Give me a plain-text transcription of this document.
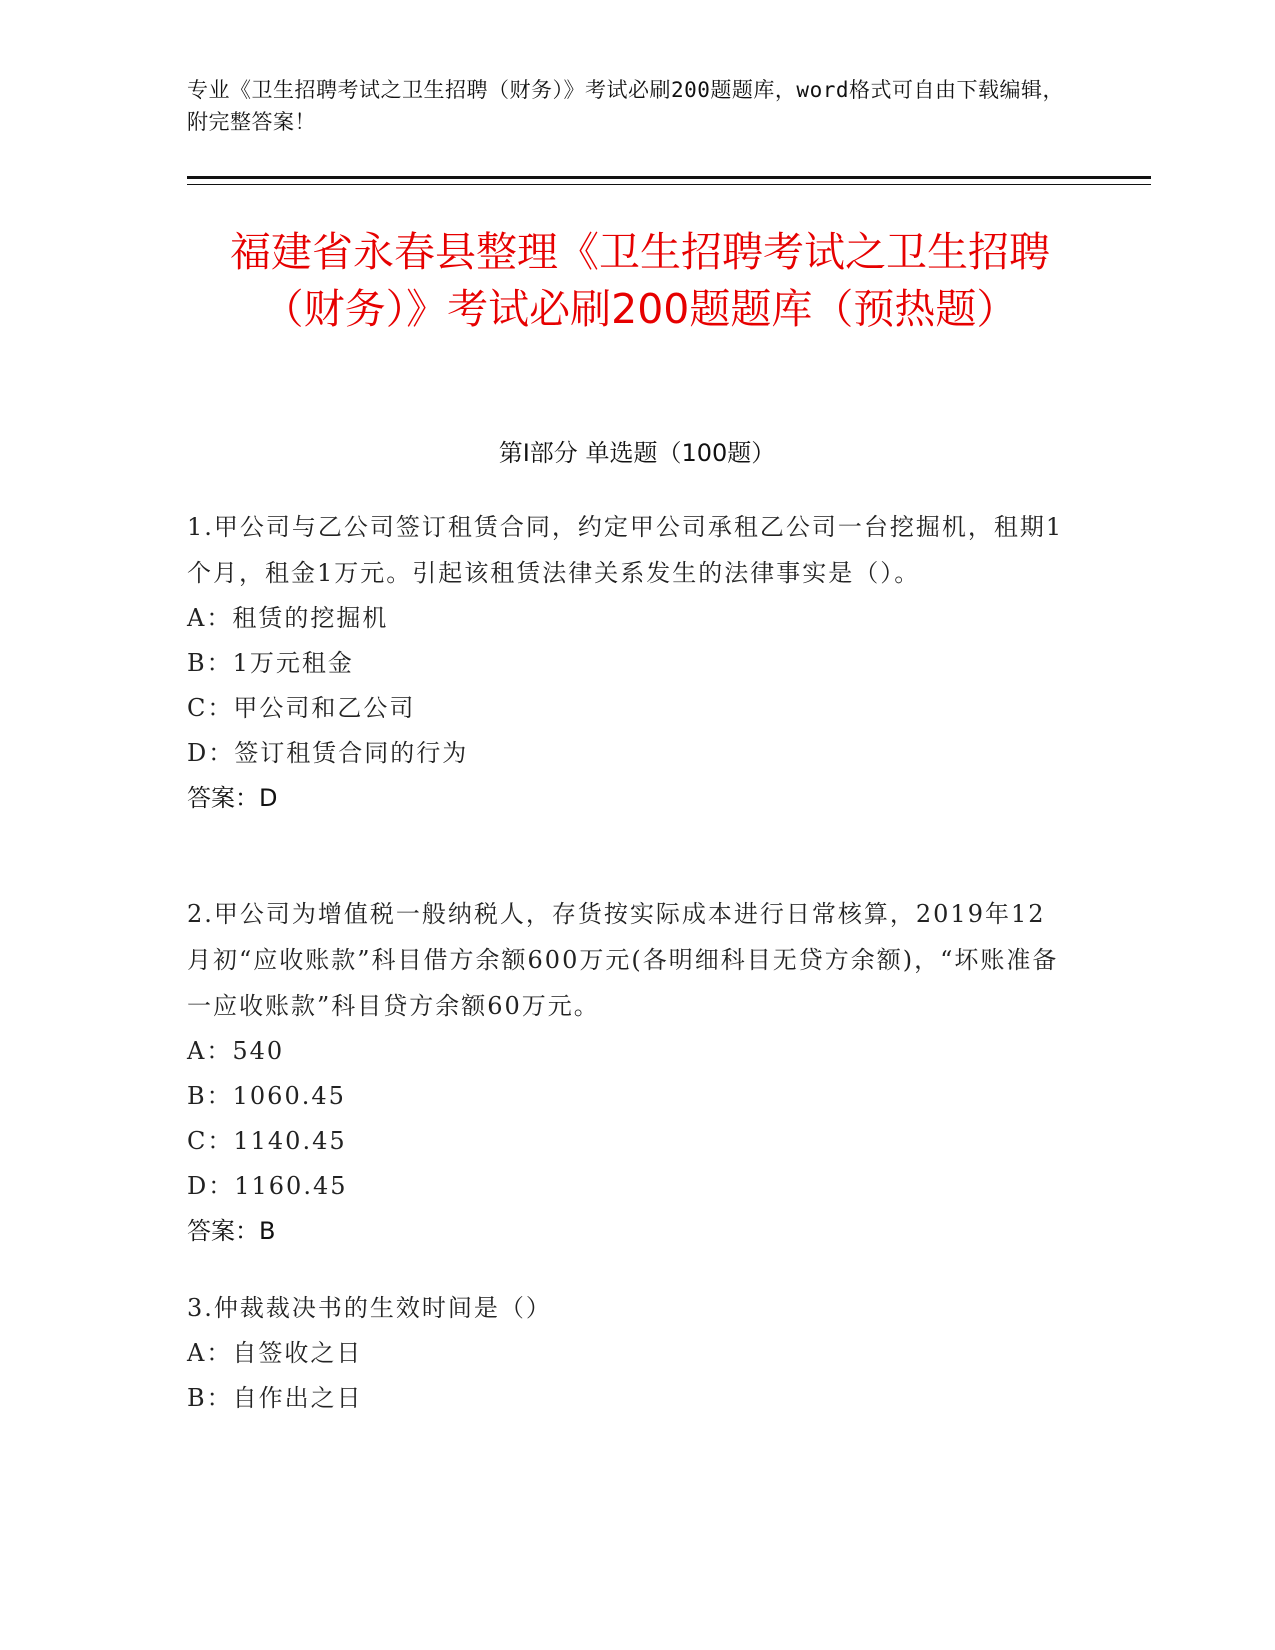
专业《卫生招聘考试之卫生招聘（财务）》考试必刷200题题库，word格式可自由下载编辑，附完整答案！
福建省永春县整理《卫生招聘考试之卫生招聘（财务）》考试必刷200题题库（预热题）
第I部分 单选题（100题）
1.甲公司与乙公司签订租赁合同，约定甲公司承租乙公司一台挖掘机，租期1个月，租金1万元。引起该租赁法律关系发生的法律事实是（）。
A：租赁的挖掘机
B：1万元租金
C：甲公司和乙公司
D：签订租赁合同的行为
答案：D
2.甲公司为增值税一般纳税人，存货按实际成本进行日常核算，2019年12月初“应收账款”科目借方余额600万元(各明细科目无贷方余额)，“坏账准备一应收账款”科目贷方余额60万元。
A：540
B：1060.45
C：1140.45
D：1160.45
答案：B
3.仲裁裁决书的生效时间是（）
A：自签收之日
B：自作出之日
